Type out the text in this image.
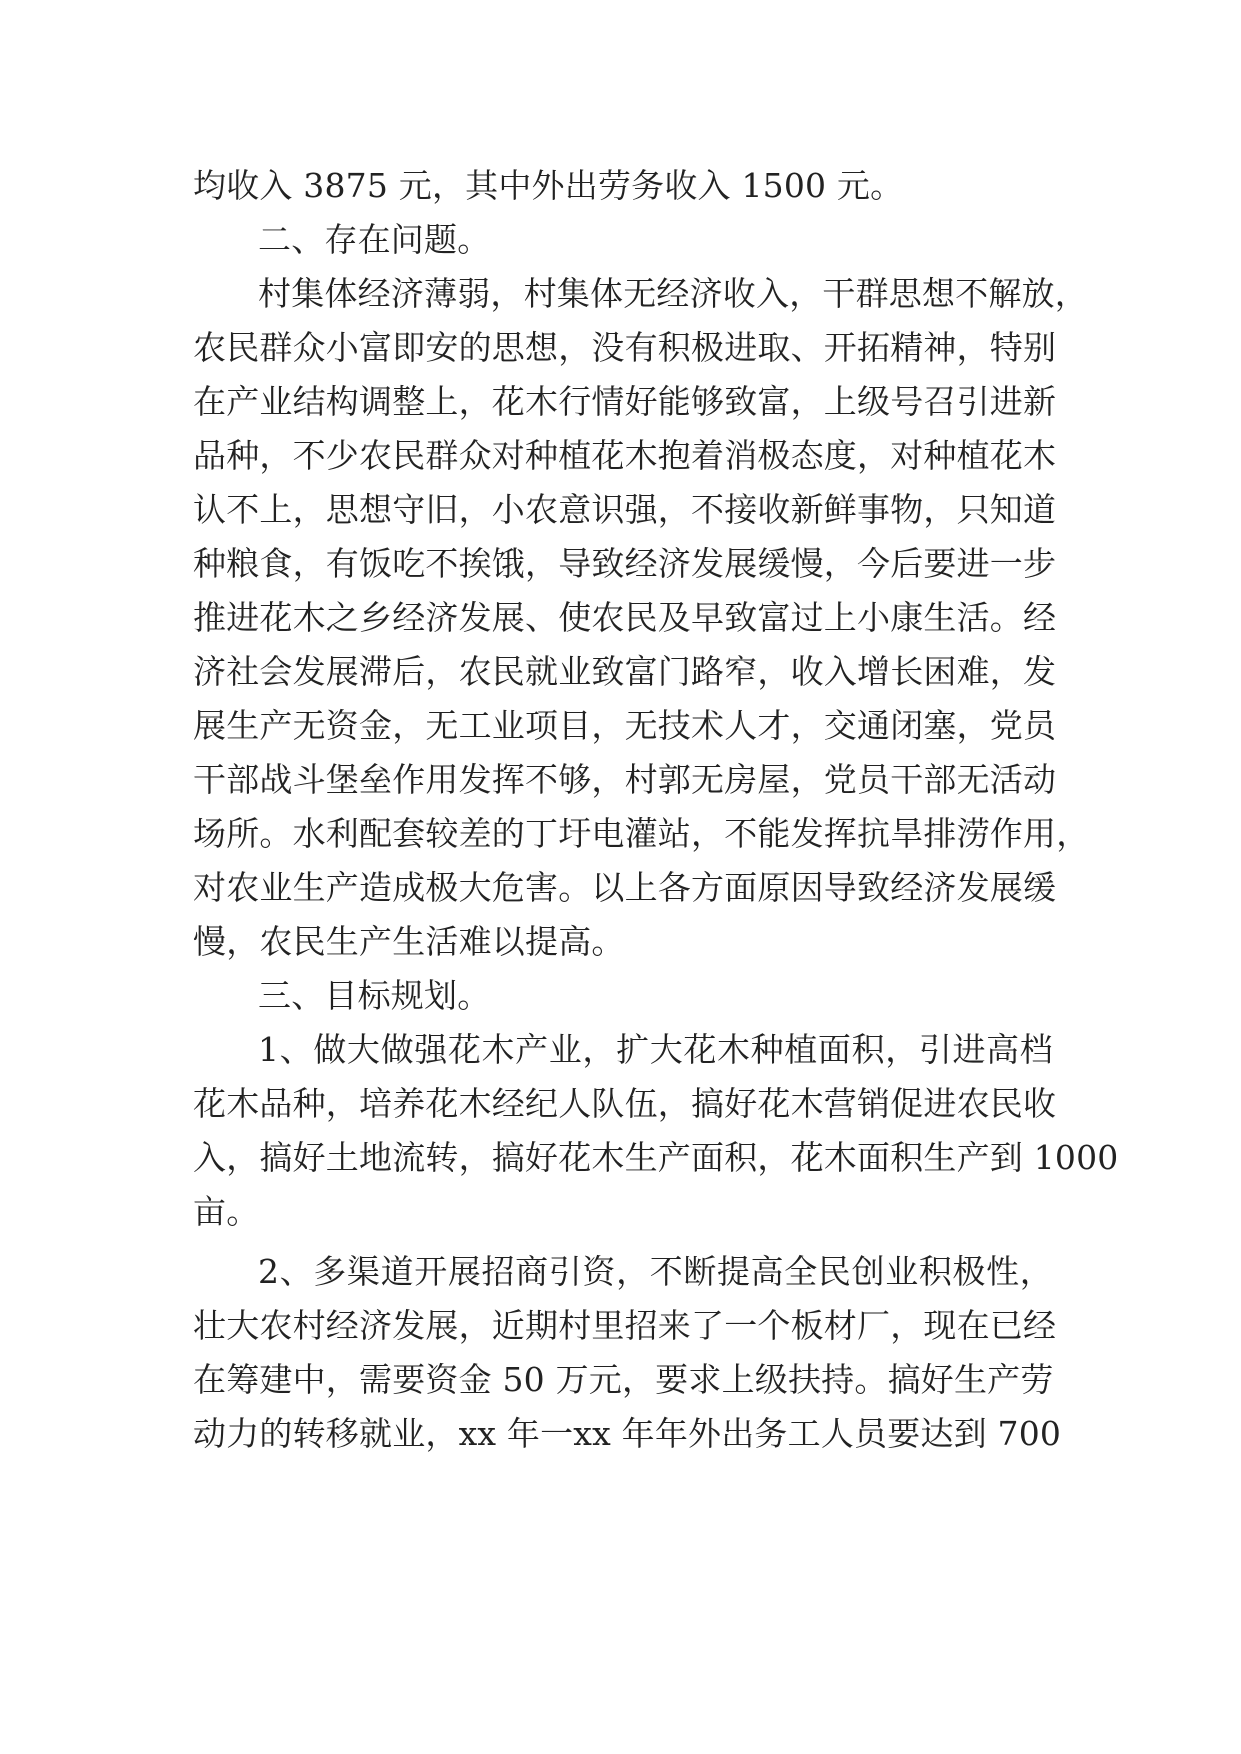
均收入 3875 元，其中外出劳务收入 1500 元。
二、存在问题。
村集体经济薄弱，村集体无经济收入，干群思想不解放，
农民群众小富即安的思想，没有积极进取、开拓精神，特别
在产业结构调整上，花木行情好能够致富，上级号召引进新
品种，不少农民群众对种植花木抱着消极态度，对种植花木
认不上，思想守旧，小农意识强，不接收新鲜事物，只知道
种粮食，有饭吃不挨饿，导致经济发展缓慢，今后要进一步
推进花木之乡经济发展、使农民及早致富过上小康生活。经
济社会发展滞后，农民就业致富门路窄，收入增长困难，发
展生产无资金，无工业项目，无技术人才，交通闭塞，党员
干部战斗堡垒作用发挥不够，村郭无房屋，党员干部无活动
场所。水利配套较差的丁圩电灌站，不能发挥抗旱排涝作用，
对农业生产造成极大危害。以上各方面原因导致经济发展缓
慢，农民生产生活难以提高。
三、目标规划。
1、做大做强花木产业，扩大花木种植面积，引进高档
花木品种，培养花木经纪人队伍，搞好花木营销促进农民收
入，搞好土地流转，搞好花木生产面积，花木面积生产到 1000
亩。
2、多渠道开展招商引资，不断提高全民创业积极性，
壮大农村经济发展，近期村里招来了一个板材厂，现在已经
在筹建中，需要资金 50 万元，要求上级扶持。搞好生产劳
动力的转移就业，xx 年一xx 年年外出务工人员要达到 700
